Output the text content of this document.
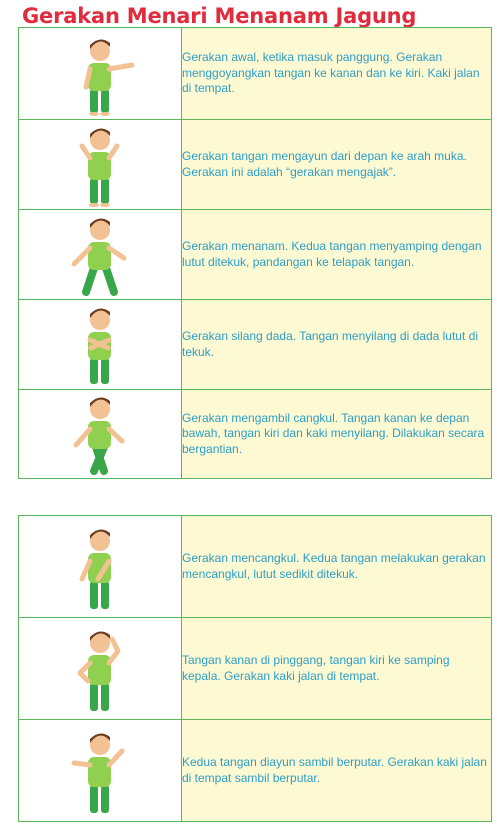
Gerakan Menari Menanam Jagung
	Gerakan awal, ketika masuk panggung. Gerakan menggoyangkan tangan ke kanan dan ke kiri. Kaki jalan di tempat.

	Gerakan tangan mengayun dari depan ke arah muka. Gerakan ini adalah “gerakan mengajak”.

	Gerakan menanam. Kedua tangan menyamping dengan lutut ditekuk, pandangan ke telapak tangan.

	Gerakan silang dada. Tangan menyilang di dada lutut di tekuk.

	Gerakan mengambil cangkul. Tangan kanan ke depan bawah, tangan kiri dan kaki menyilang. Dilakukan secara bergantian.
	Gerakan mencangkul. Kedua tangan melakukan gerakan mencangkul, lutut sedikit ditekuk.

	Tangan kanan di pinggang, tangan kiri ke samping kepala. Gerakan kaki jalan di tempat.

	Kedua tangan diayun sambil berputar. Gerakan kaki jalan di tempat sambil berputar.
